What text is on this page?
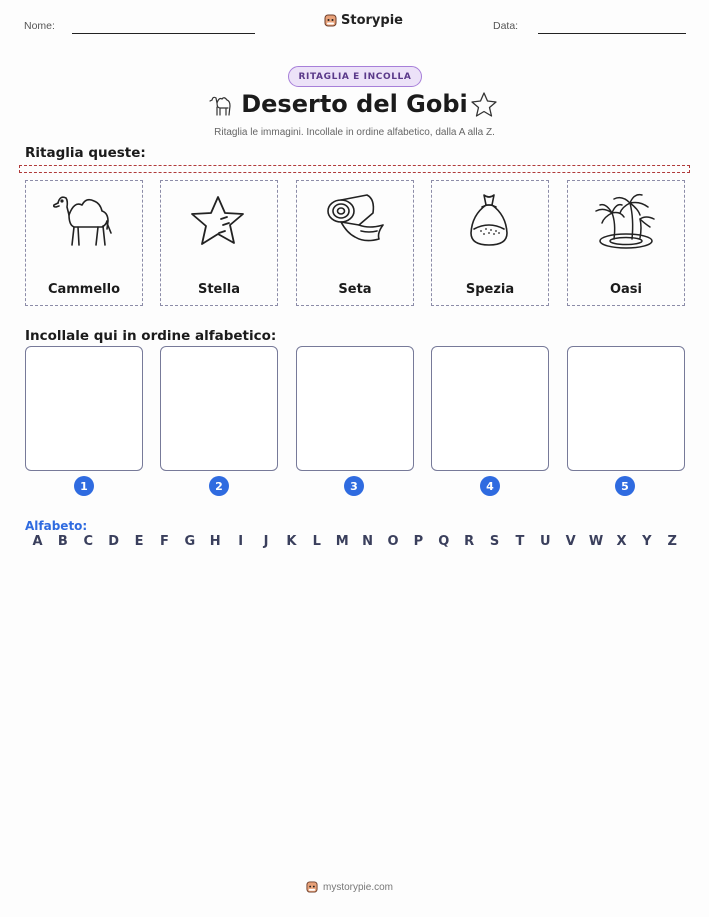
Nome:	Storypie	Data:
RITAGLIA E INCOLLA
Deserto del Gobi
Ritaglia le immagini. Incollale in ordine alfabetico, dalla A alla Z.
Ritaglia queste:
Cammello	Stella	Seta	Spezia	Oasi
Incollale qui in ordine alfabetico:
1	2	3	4	5
Alfabeto:
A	B	C	D	E	F	G	H	I	J	K	L	M	N	O	P	Q	R	S	T	U	V	W	X	Y	Z
mystorypie.com
